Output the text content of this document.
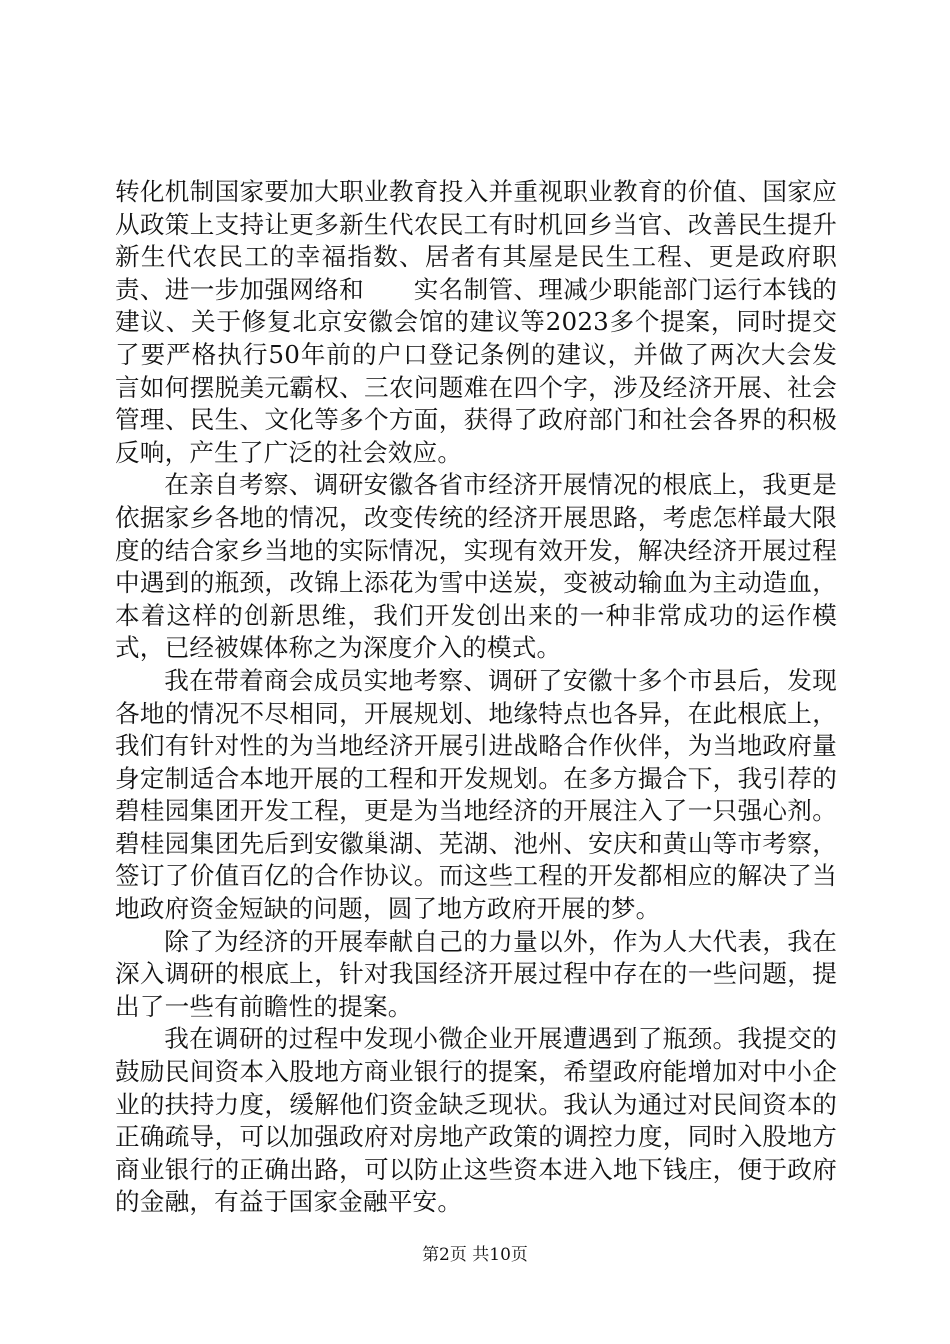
转化机制国家要加大职业教育投入并重视职业教育的价值、国家应从政策上支持让更多新生代农民工有时机回乡当官、改善民生提升新生代农民工的幸福指数、居者有其屋是民生工程、更是政府职责、进一步加强网络和　　实名制管、理减少职能部门运行本钱的建议、关于修复北京安徽会馆的建议等2023多个提案，同时提交了要严格执行50年前的户口登记条例的建议，并做了两次大会发言如何摆脱美元霸权、三农问题难在四个字，涉及经济开展、社会管理、民生、文化等多个方面，获得了政府部门和社会各界的积极反响，产生了广泛的社会效应。

在亲自考察、调研安徽各省市经济开展情况的根底上，我更是依据家乡各地的情况，改变传统的经济开展思路，考虑怎样最大限度的结合家乡当地的实际情况，实现有效开发，解决经济开展过程中遇到的瓶颈，改锦上添花为雪中送炭，变被动输血为主动造血，本着这样的创新思维，我们开发创出来的一种非常成功的运作模式，已经被媒体称之为深度介入的模式。

我在带着商会成员实地考察、调研了安徽十多个市县后，发现各地的情况不尽相同，开展规划、地缘特点也各异，在此根底上，我们有针对性的为当地经济开展引进战略合作伙伴，为当地政府量身定制适合本地开展的工程和开发规划。在多方撮合下，我引荐的碧桂园集团开发工程，更是为当地经济的开展注入了一只强心剂。碧桂园集团先后到安徽巢湖、芜湖、池州、安庆和黄山等市考察，签订了价值百亿的合作协议。而这些工程的开发都相应的解决了当地政府资金短缺的问题，圆了地方政府开展的梦。

除了为经济的开展奉献自己的力量以外，作为人大代表，我在深入调研的根底上，针对我国经济开展过程中存在的一些问题，提出了一些有前瞻性的提案。

我在调研的过程中发现小微企业开展遭遇到了瓶颈。我提交的鼓励民间资本入股地方商业银行的提案，希望政府能增加对中小企业的扶持力度，缓解他们资金缺乏现状。我认为通过对民间资本的正确疏导，可以加强政府对房地产政策的调控力度，同时入股地方商业银行的正确出路，可以防止这些资本进入地下钱庄，便于政府的金融，有益于国家金融平安。

第2页 共10页
